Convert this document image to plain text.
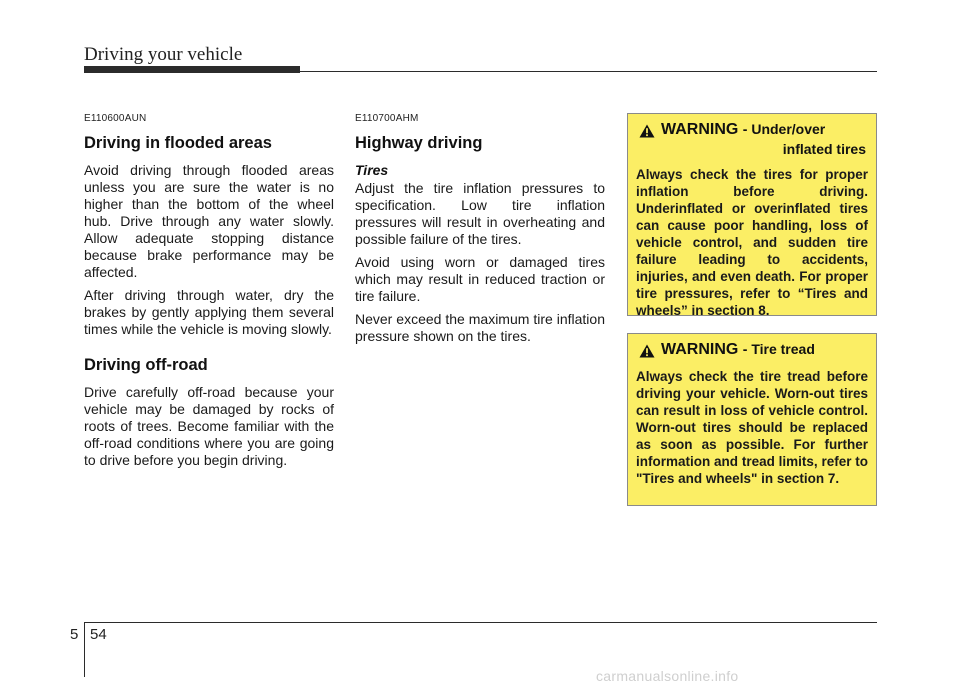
Driving your vehicle

E110600AUN

Driving in flooded areas

Avoid driving through flooded areas unless you are sure the water is no higher than the bottom of the wheel hub. Drive through any water slowly. Allow adequate stopping distance because brake performance may be affected.

After driving through water, dry the brakes by gently applying them several times while the vehicle is moving slowly.

Driving off-road

Drive carefully off-road because your vehicle may be damaged by rocks of roots of trees. Become familiar with the off-road conditions where you are going to drive before you begin driving.

E110700AHM

Highway driving
Tires

Adjust the tire inflation pressures to specification. Low tire inflation pressures will result in overheating and possible failure of the tires.

Avoid using worn or damaged tires which may result in reduced traction or tire failure.

Never exceed the maximum tire inflation pressure shown on the tires.

WARNING - Under/over
inflated tires

Always check the tires for proper inflation before driving. Underinflated or overinflated tires can cause poor handling, loss of vehicle control, and sudden tire failure leading to accidents, injuries, and even death. For proper tire pressures, refer to “Tires and wheels” in section 8.

WARNING - Tire tread

Always check the tire tread before driving your vehicle. Worn-out tires can result in loss of vehicle control. Worn-out tires should be replaced as soon as possible. For further information and tread limits, refer to "Tires and wheels" in section 7.

5 54
carmanualsonline.info
